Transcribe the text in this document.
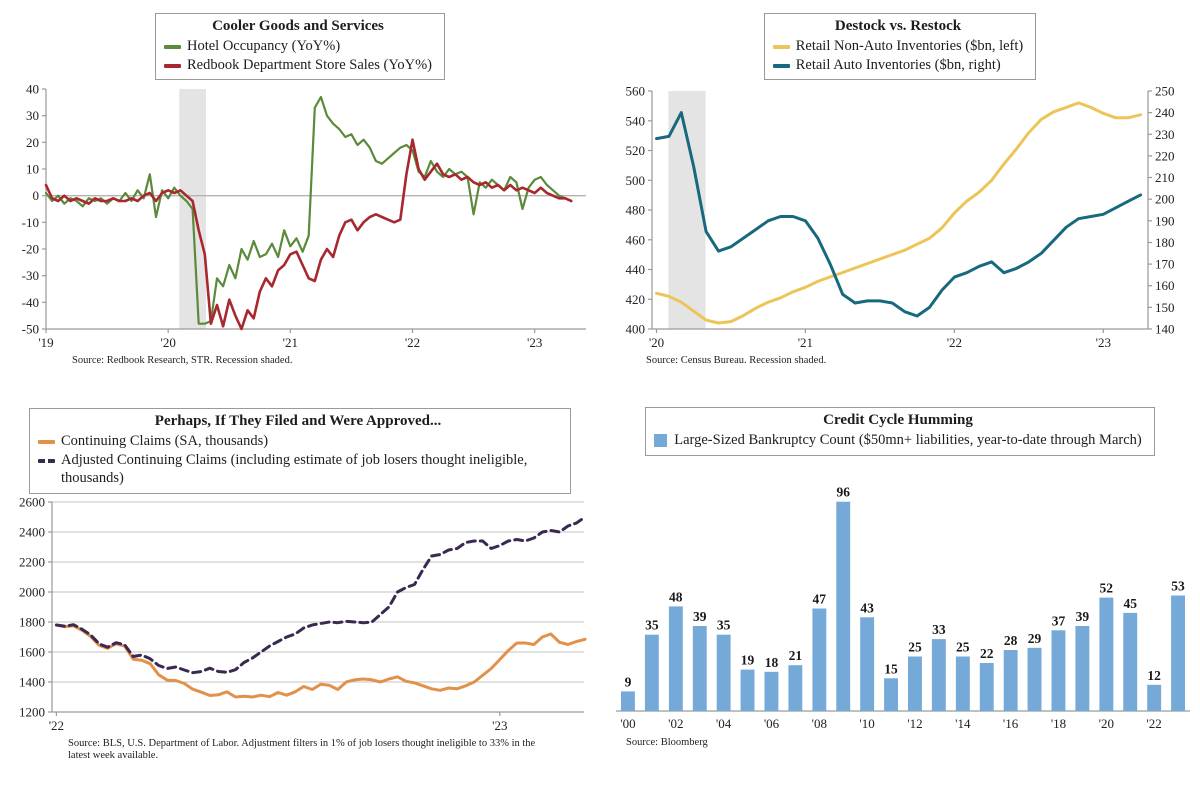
Cooler Goods and Services
Hotel Occupancy (YoY%)
Redbook Department Store Sales (YoY%)
-50
-40
-30
-20
-10
0
10
20
30
40
'19	'20	'21	'22	'23
Source: Redbook Research, STR. Recession shaded.
Destock vs. Restock
Retail Non-Auto Inventories ($bn, left)
Retail Auto Inventories ($bn, right)
400
420
440
460
480
500
520
540
560
140
150
160
170
180
190
200
210
220
230
240
250
'20	'21	'22	'23
Source: Census Bureau. Recession shaded.
Perhaps, If They Filed and Were Approved...
Continuing Claims (SA, thousands)
Adjusted Continuing Claims (including estimate of job losers thought ineligible, thousands)
1200
1400
1600
1800
2000
2200
2400
2600
'22	'23
Source: BLS, U.S. Department of Labor. Adjustment filters in 1% of job losers thought ineligible to 33% in the latest week available.
Credit Cycle Humming
Large-Sized Bankruptcy Count ($50mn+ liabilities, year-to-date through March)
9
'00
35
48
'02
39
35
'04
19 18
'06
21
47
'08
96
43
'10
15
25
'12
33
25
'14
22
28
'16
29
37
'18
39
52
'20
45
12
'22
53
Source: Bloomberg
